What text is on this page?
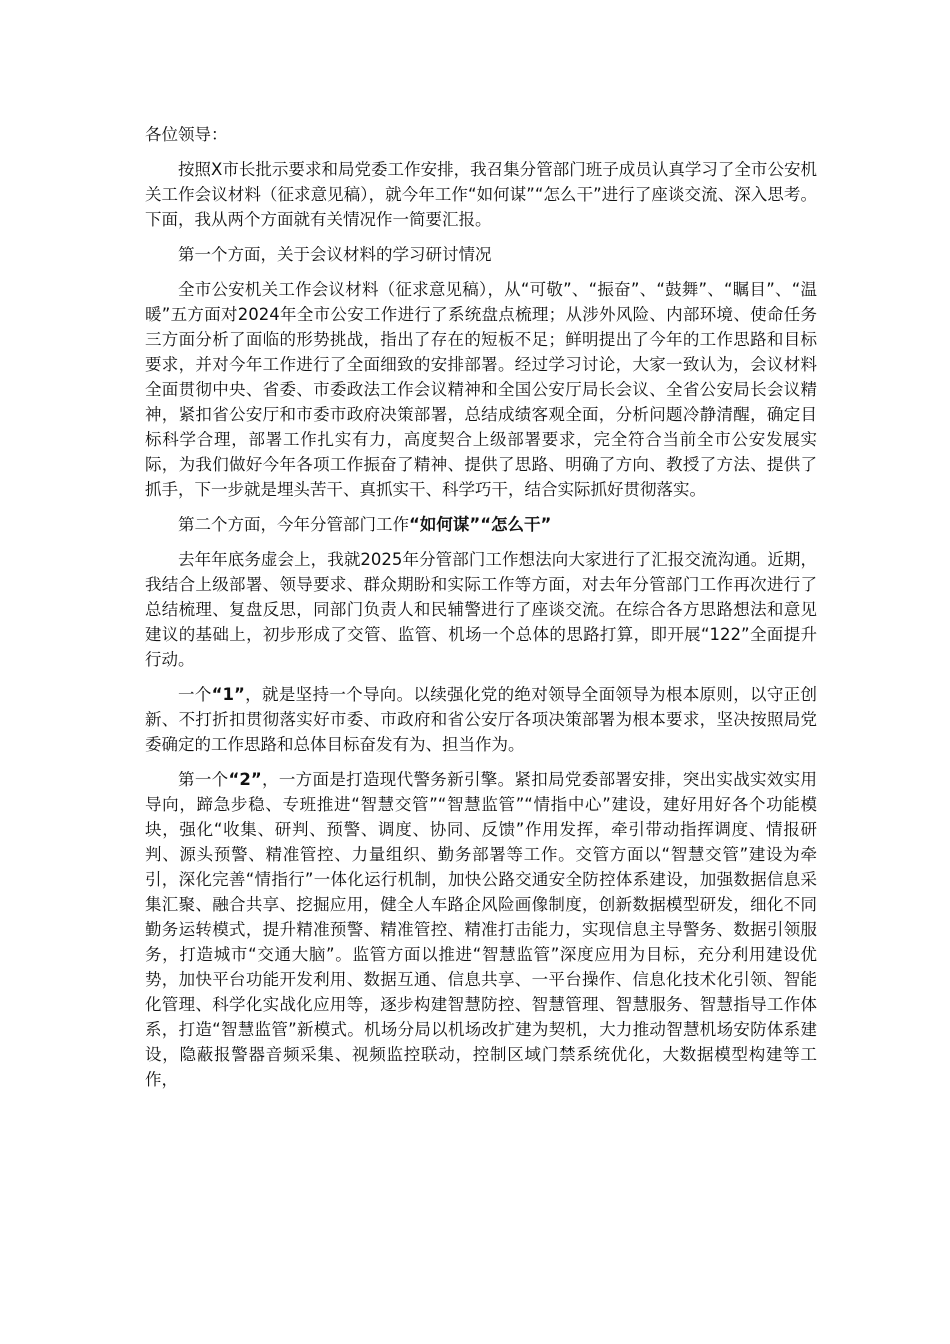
各位领导：

按照X市长批示要求和局党委工作安排，我召集分管部门班子成员认真学习了全市公安机关工作会议材料（征求意见稿），就今年工作“如何谋”“怎么干”进行了座谈交流、深入思考。下面，我从两个方面就有关情况作一简要汇报。

第一个方面，关于会议材料的学习研讨情况

全市公安机关工作会议材料（征求意见稿），从“可敬”、“振奋”、“鼓舞”、“瞩目”、“温暖”五方面对2024年全市公安工作进行了系统盘点梳理；从涉外风险、内部环境、使命任务三方面分析了面临的形势挑战，指出了存在的短板不足；鲜明提出了今年的工作思路和目标要求，并对今年工作进行了全面细致的安排部署。经过学习讨论，大家一致认为，会议材料全面贯彻中央、省委、市委政法工作会议精神和全国公安厅局长会议、全省公安局长会议精神，紧扣省公安厅和市委市政府决策部署，总结成绩客观全面，分析问题冷静清醒，确定目标科学合理，部署工作扎实有力，高度契合上级部署要求，完全符合当前全市公安发展实际，为我们做好今年各项工作振奋了精神、提供了思路、明确了方向、教授了方法、提供了抓手，下一步就是埋头苦干、真抓实干、科学巧干，结合实际抓好贯彻落实。

第二个方面，今年分管部门工作“如何谋”“怎么干”

去年年底务虚会上，我就2025年分管部门工作想法向大家进行了汇报交流沟通。近期，我结合上级部署、领导要求、群众期盼和实际工作等方面，对去年分管部门工作再次进行了总结梳理、复盘反思，同部门负责人和民辅警进行了座谈交流。在综合各方思路想法和意见建议的基础上，初步形成了交管、监管、机场一个总体的思路打算，即开展“122”全面提升行动。

一个“1”，就是坚持一个导向。以续强化党的绝对领导全面领导为根本原则，以守正创新、不打折扣贯彻落实好市委、市政府和省公安厅各项决策部署为根本要求，坚决按照局党委确定的工作思路和总体目标奋发有为、担当作为。

第一个“2”，一方面是打造现代警务新引擎。紧扣局党委部署安排，突出实战实效实用导向，蹄急步稳、专班推进“智慧交管”“智慧监管”“情指中心”建设，建好用好各个功能模块，强化“收集、研判、预警、调度、协同、反馈”作用发挥，牵引带动指挥调度、情报研判、源头预警、精准管控、力量组织、勤务部署等工作。交管方面以“智慧交管”建设为牵引，深化完善“情指行”一体化运行机制，加快公路交通安全防控体系建设，加强数据信息采集汇聚、融合共享、挖掘应用，健全人车路企风险画像制度，创新数据模型研发，细化不同勤务运转模式，提升精准预警、精准管控、精准打击能力，实现信息主导警务、数据引领服务，打造城市“交通大脑”。监管方面以推进“智慧监管”深度应用为目标，充分利用建设优势，加快平台功能开发利用、数据互通、信息共享、一平台操作、信息化技术化引领、智能化管理、科学化实战化应用等，逐步构建智慧防控、智慧管理、智慧服务、智慧指导工作体系，打造“智慧监管”新模式。机场分局以机场改扩建为契机，大力推动智慧机场安防体系建设，隐蔽报警器音频采集、视频监控联动，控制区域门禁系统优化，大数据模型构建等工作，
